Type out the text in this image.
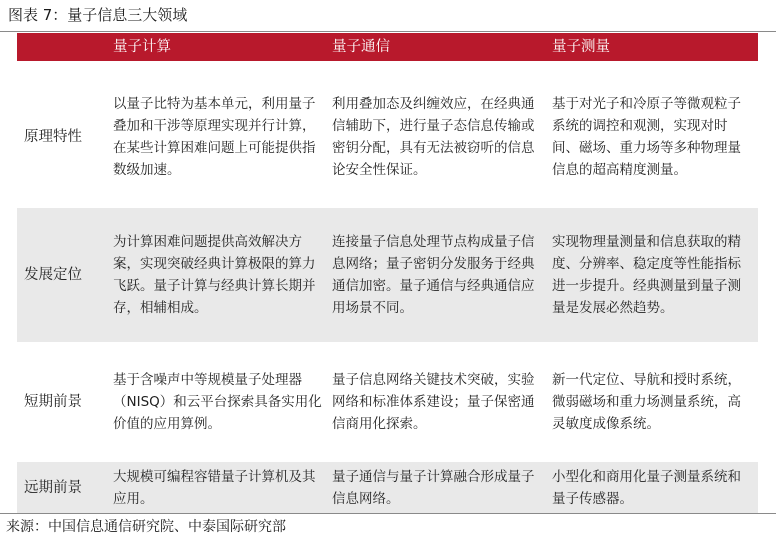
图表 7：量子信息三大领域
量子计算	量子通信	量子测量
原理特性
以量子比特为基本单元，利用量子叠加和干涉等原理实现并行计算，在某些计算困难问题上可能提供指数级加速。
利用叠加态及纠缠效应，在经典通信辅助下，进行量子态信息传输或密钥分配，具有无法被窃听的信息论安全性保证。
基于对光子和冷原子等微观粒子系统的调控和观测，实现对时间、磁场、重力场等多种物理量信息的超高精度测量。
发展定位
为计算困难问题提供高效解决方案，实现突破经典计算极限的算力飞跃。量子计算与经典计算长期并存，相辅相成。
连接量子信息处理节点构成量子信息网络；量子密钥分发服务于经典通信加密。量子通信与经典通信应用场景不同。
实现物理量测量和信息获取的精度、分辨率、稳定度等性能指标进一步提升。经典测量到量子测量是发展必然趋势。
短期前景
基于含噪声中等规模量子处理器（NISQ）和云平台探索具备实用化价值的应用算例。
量子信息网络关键技术突破，实验网络和标准体系建设；量子保密通信商用化探索。
新一代定位、导航和授时系统，微弱磁场和重力场测量系统，高灵敏度成像系统。
远期前景
大规模可编程容错量子计算机及其应用。
量子通信与量子计算融合形成量子信息网络。
小型化和商用化量子测量系统和量子传感器。
来源：中国信息通信研究院、中泰国际研究部
